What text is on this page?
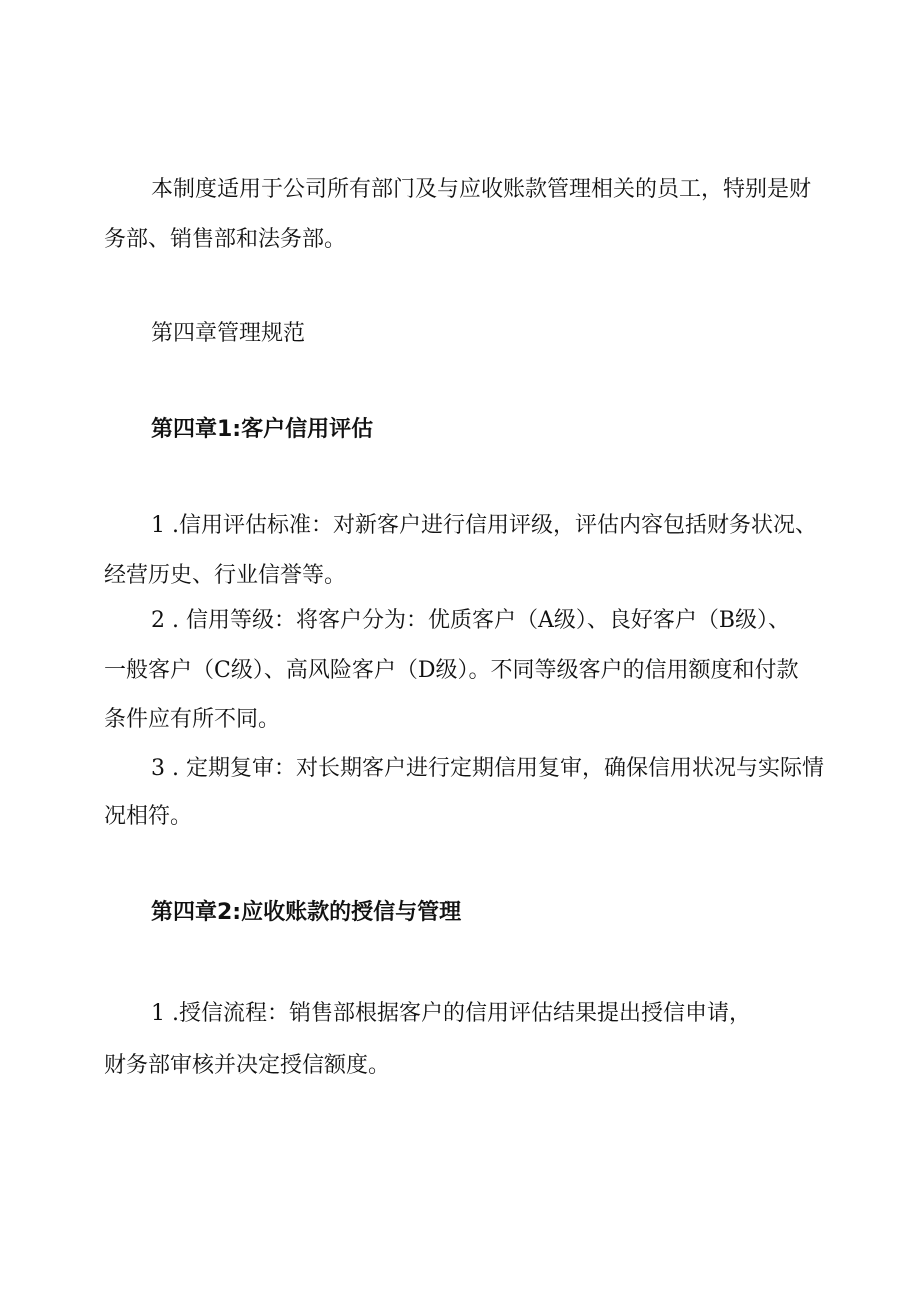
本制度适用于公司所有部门及与应收账款管理相关的员工，特别是财
务部、销售部和法务部。
第四章管理规范
第四章1:客户信用评估
1 .信用评估标准：对新客户进行信用评级，评估内容包括财务状况、
经营历史、行业信誉等。
2 . 信用等级：将客户分为：优质客户（A级）、良好客户（B级）、
一般客户（C级）、高风险客户（D级）。不同等级客户的信用额度和付款
条件应有所不同。
3 . 定期复审：对长期客户进行定期信用复审，确保信用状况与实际情
况相符。
第四章2:应收账款的授信与管理
1 .授信流程：销售部根据客户的信用评估结果提出授信申请，
财务部审核并决定授信额度。
